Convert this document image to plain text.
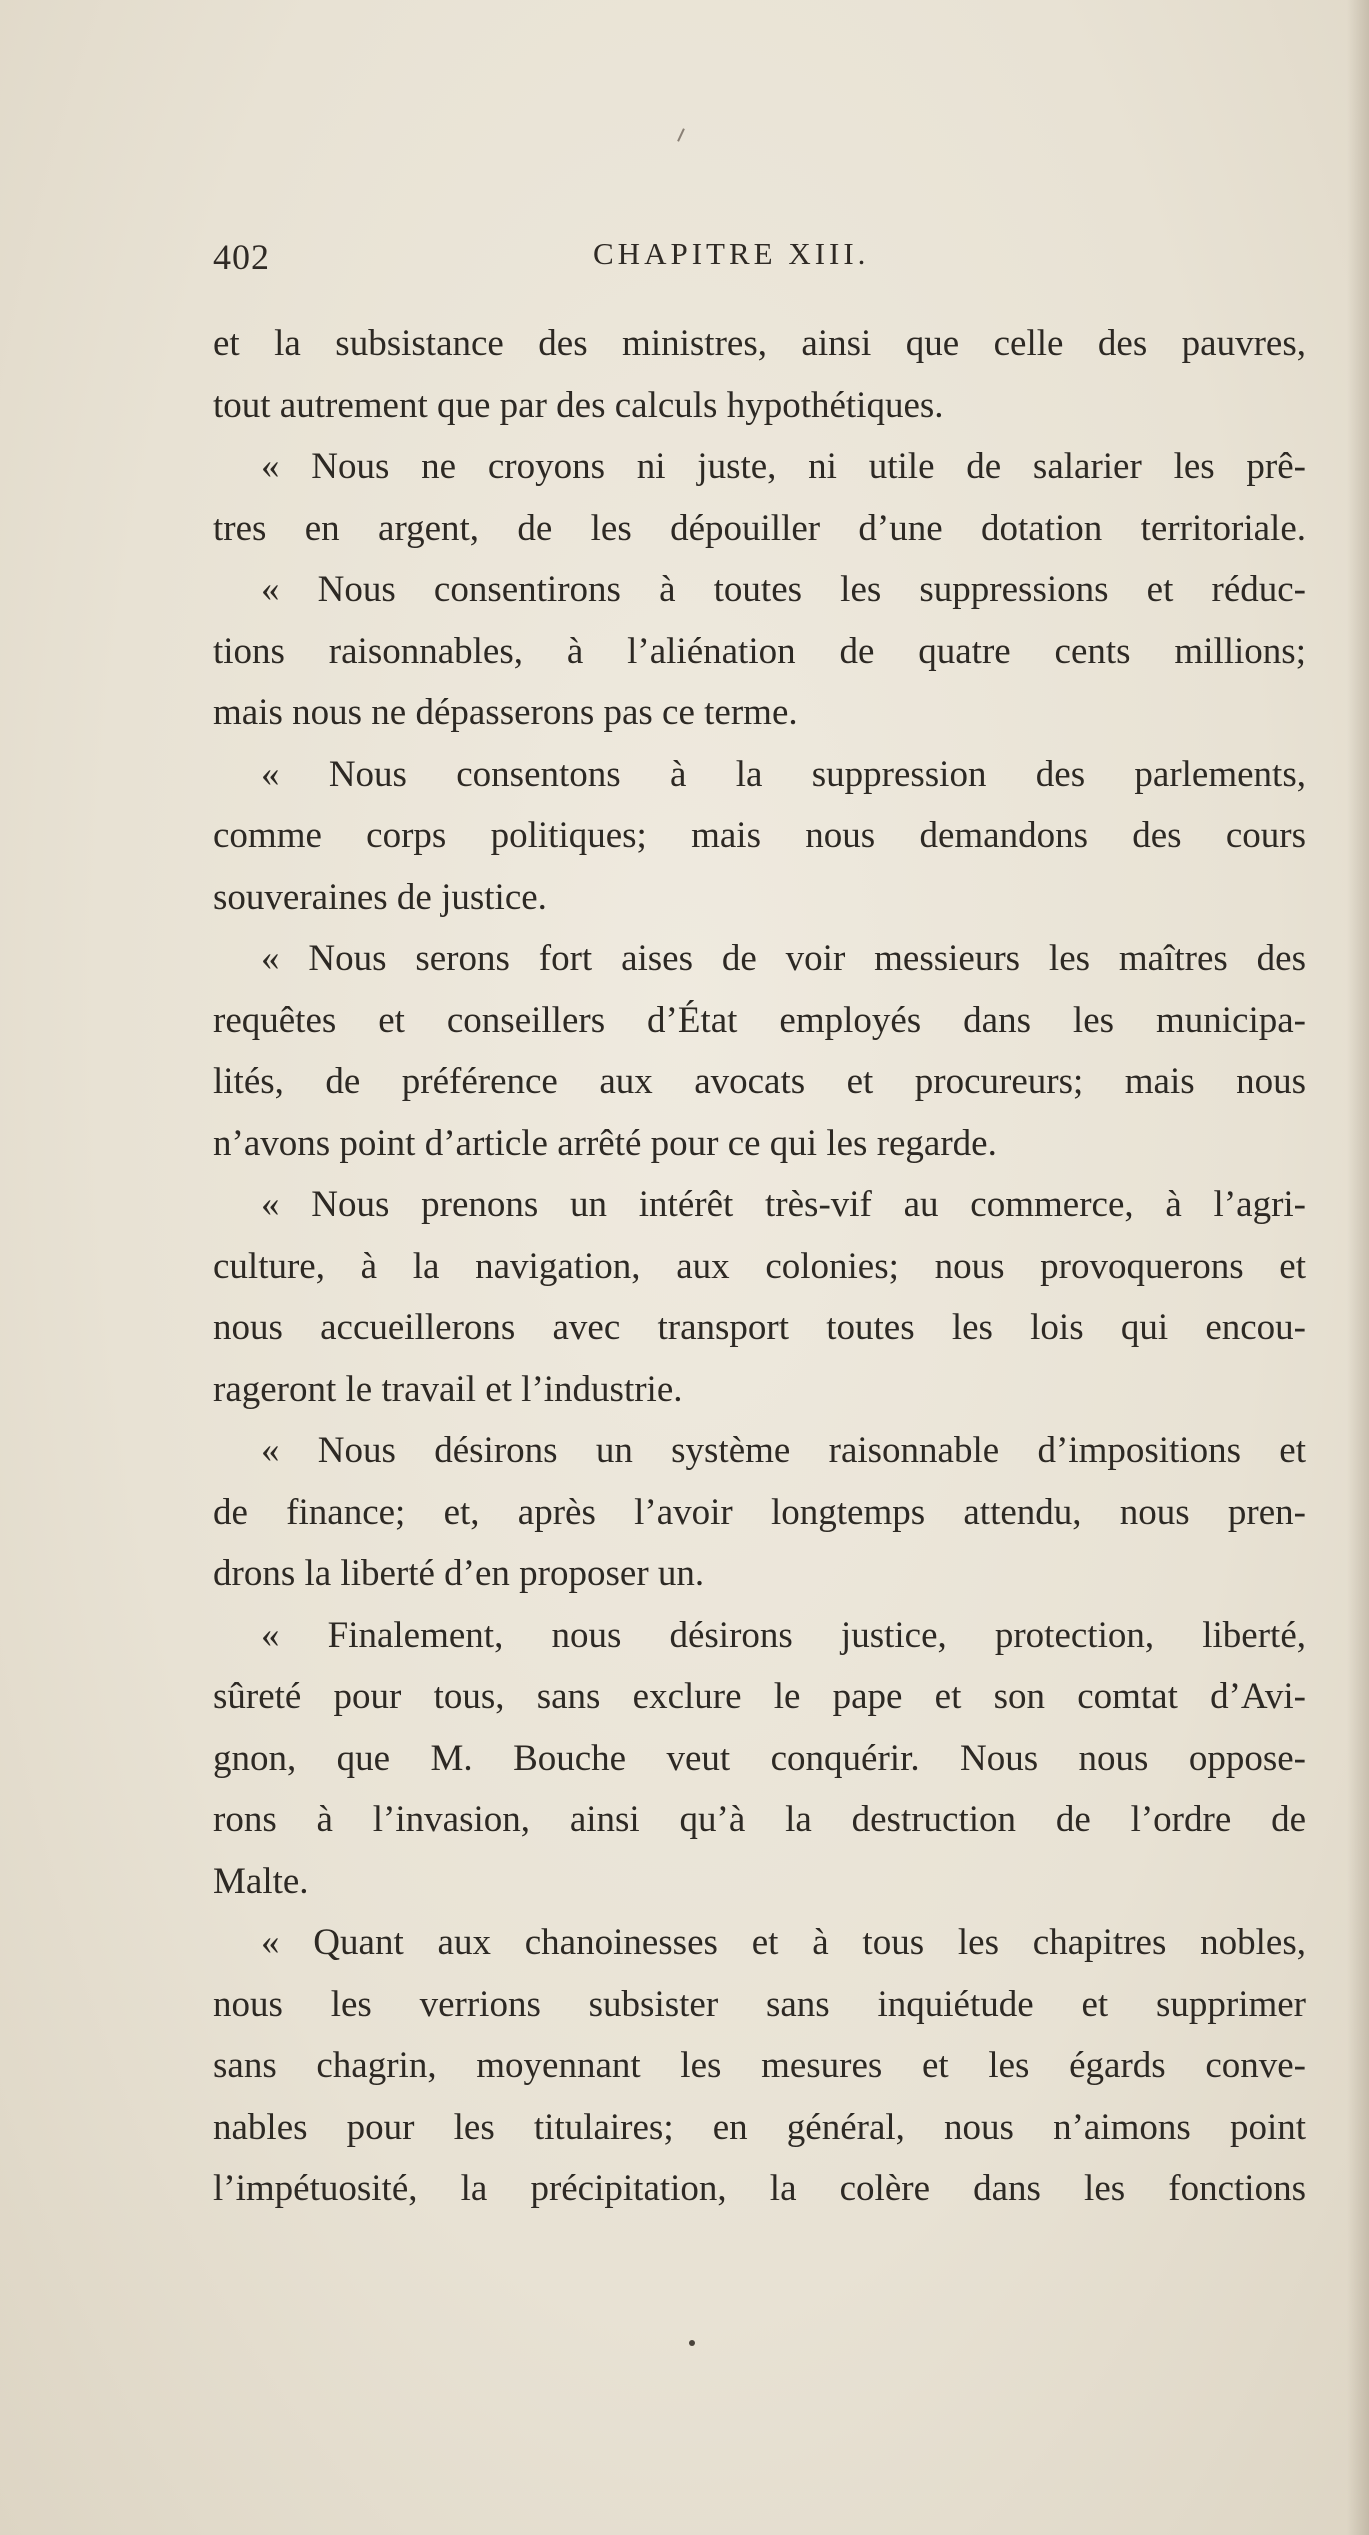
402	CHAPITRE XIII.
et la subsistance des ministres, ainsi que celle des pauvres,
tout autrement que par des calculs hypothétiques.
« Nous ne croyons ni juste, ni utile de salarier les prê-
tres en argent, de les dépouiller d’une dotation territoriale.
« Nous consentirons à toutes les suppressions et réduc-
tions raisonnables, à l’aliénation de quatre cents millions;
mais nous ne dépasserons pas ce terme.
« Nous consentons à la suppression des parlements,
comme corps politiques; mais nous demandons des cours
souveraines de justice.
« Nous serons fort aises de voir messieurs les maîtres des
requêtes et conseillers d’État employés dans les municipa-
lités, de préférence aux avocats et procureurs; mais nous
n’avons point d’article arrêté pour ce qui les regarde.
« Nous prenons un intérêt très-vif au commerce, à l’agri-
culture, à la navigation, aux colonies; nous provoquerons et
nous accueillerons avec transport toutes les lois qui encou-
rageront le travail et l’industrie.
« Nous désirons un système raisonnable d’impositions et
de finance; et, après l’avoir longtemps attendu, nous pren-
drons la liberté d’en proposer un.
« Finalement, nous désirons justice, protection, liberté,
sûreté pour tous, sans exclure le pape et son comtat d’Avi-
gnon, que M. Bouche veut conquérir. Nous nous oppose-
rons à l’invasion, ainsi qu’à la destruction de l’ordre de
Malte.
« Quant aux chanoinesses et à tous les chapitres nobles,
nous les verrions subsister sans inquiétude et supprimer
sans chagrin, moyennant les mesures et les égards conve-
nables pour les titulaires; en général, nous n’aimons point
l’impétuosité, la précipitation, la colère dans les fonctions
